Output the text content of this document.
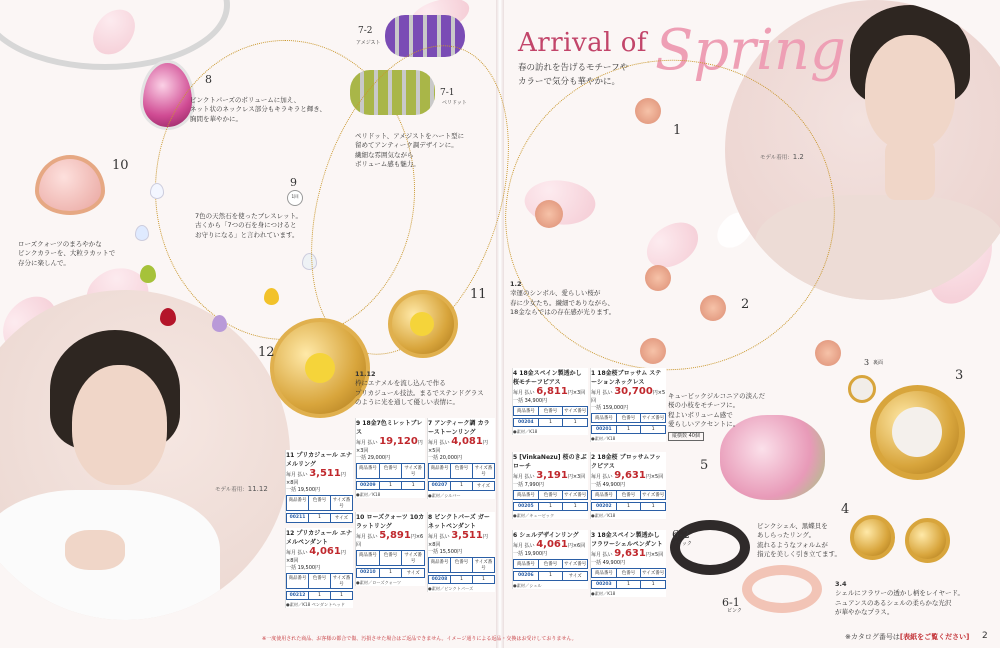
モデル着用：11.12
モデル着用：1.2
8
ピンクトパーズのボリュームに加え、
ネット状のネックレス部分もキラキラと輝き、
胸間を華やかに。
10
ローズクォーツのまろやかな
ピンクカラーを、大粒ラカットで
存分に楽しんで。
9
1回
7色の天然石を使ったブレスレット。
古くから「7つの石を身につけると
お守りになる」と言われています。
7-2
アメジスト
7-1
ペリドット
ペリドット、アメジストをハート型に
留めてアンティーク調デザインに。
繊細な雰囲気ながら
ボリューム感も魅力。
11
12
11.12
枠にエナメルを流し込んで作る
プリカジュール技法。まるでステンドグラス
のように光を通して優しい表情に。
Arrival of Spring
春の訪れを告げるモチーフや
カラーで気分も華やかに。
1
2
3
4
5
6-2
ブラック
6-1
ピンク
3 裏面
1.2
幸運のシンボル、愛らしい桜が
春に少女たち。繊細でありながら、
18金ならではの存在感が光ります。
キュービックジルコニアの淡んだ
桜の小枝をモチーフに。
程よいボリューム感で
愛らしいアクセントに。
縦横数 40個
ピンクシェル、黒蝶貝を
あしらったリング。
流れるようなフォルムが
指元を美しく引き立てます。
3.4
シェルにフラワーの透かし柄をレイヤード。
ニュアンスのあるシェルの柔らかな光沢
が華やかなプラス。
11 プリカジュール エナメルリング
毎月 払い 3,511円×8回
一括 19,500円
商品番号	色番号	サイズ番号
00211	1	サイズ
12 プリカジュール エナメルペンダント
毎月 払い 4,061円×8回
一括 19,500円
商品番号	色番号	サイズ番号
00212	1	1
●素材／K18 ペンダントヘッド
9 18金7色ミレットブレス
毎月 払い 19,120円×3回
一括 29,000円
商品番号	色番号	サイズ番号
00209	1	1
●素材／K18
10 ローズクォーツ 10カラットリング
毎月 払い 5,891円×6回
商品番号	色番号	サイズ番号
00210	1	サイズ
●素材／ローズクォーツ
7 アンティーク調 カラーストーンリング
毎月 払い 4,081円×5回
一括 20,000円
商品番号	色番号	サイズ番号
00207	1	サイズ
●素材／シルバー
8 ピンクトパーズ ガーネットペンダント
毎月 払い 3,511円×8回
一括 15,500円
商品番号	色番号	サイズ番号
00208	1	1
●素材／ピンクトパーズ
4 18金スペイン製透かし 桜モチーフピアス
毎月 払い 6,811円×3回
一括 34,900円
商品番号	色番号	サイズ番号
00204	1	1
●素材／K18
5 [VinkaNezu] 桜のきぶローチ
毎月 払い 3,191円×3回
一括 7,990円
商品番号	色番号	サイズ番号
00205	1	1
●素材／キュービック
6 シェルデザインリング
毎月 払い 4,061円×6回
一括 19,900円
商品番号	色番号	サイズ番号
00206	1	サイズ
●素材／シェル
1 18金桜ブロッサム ステーションネックレス
毎月 払い 30,700円×5回
一括 159,000円
商品番号	色番号	サイズ番号
00201	1	1
●素材／K18
2 18金桜 ブロッサムフックピアス
毎月 払い 9,631円×5回
一括 49,900円
商品番号	色番号	サイズ番号
00202	1	1
●素材／K18
3 18金スペイン製透かし フラワーシェルペンダント
毎月 払い 9,631円×5回
一括 49,900円
商品番号	色番号	サイズ番号
00203	1	1
●素材／K18
※一度使用された商品、お客様の都合で傷、汚損させた場合はご返品できません。イメージ通りによる返品・交換はお受けしておりません。	※カタログ番号は[表紙をご覧ください] 2
